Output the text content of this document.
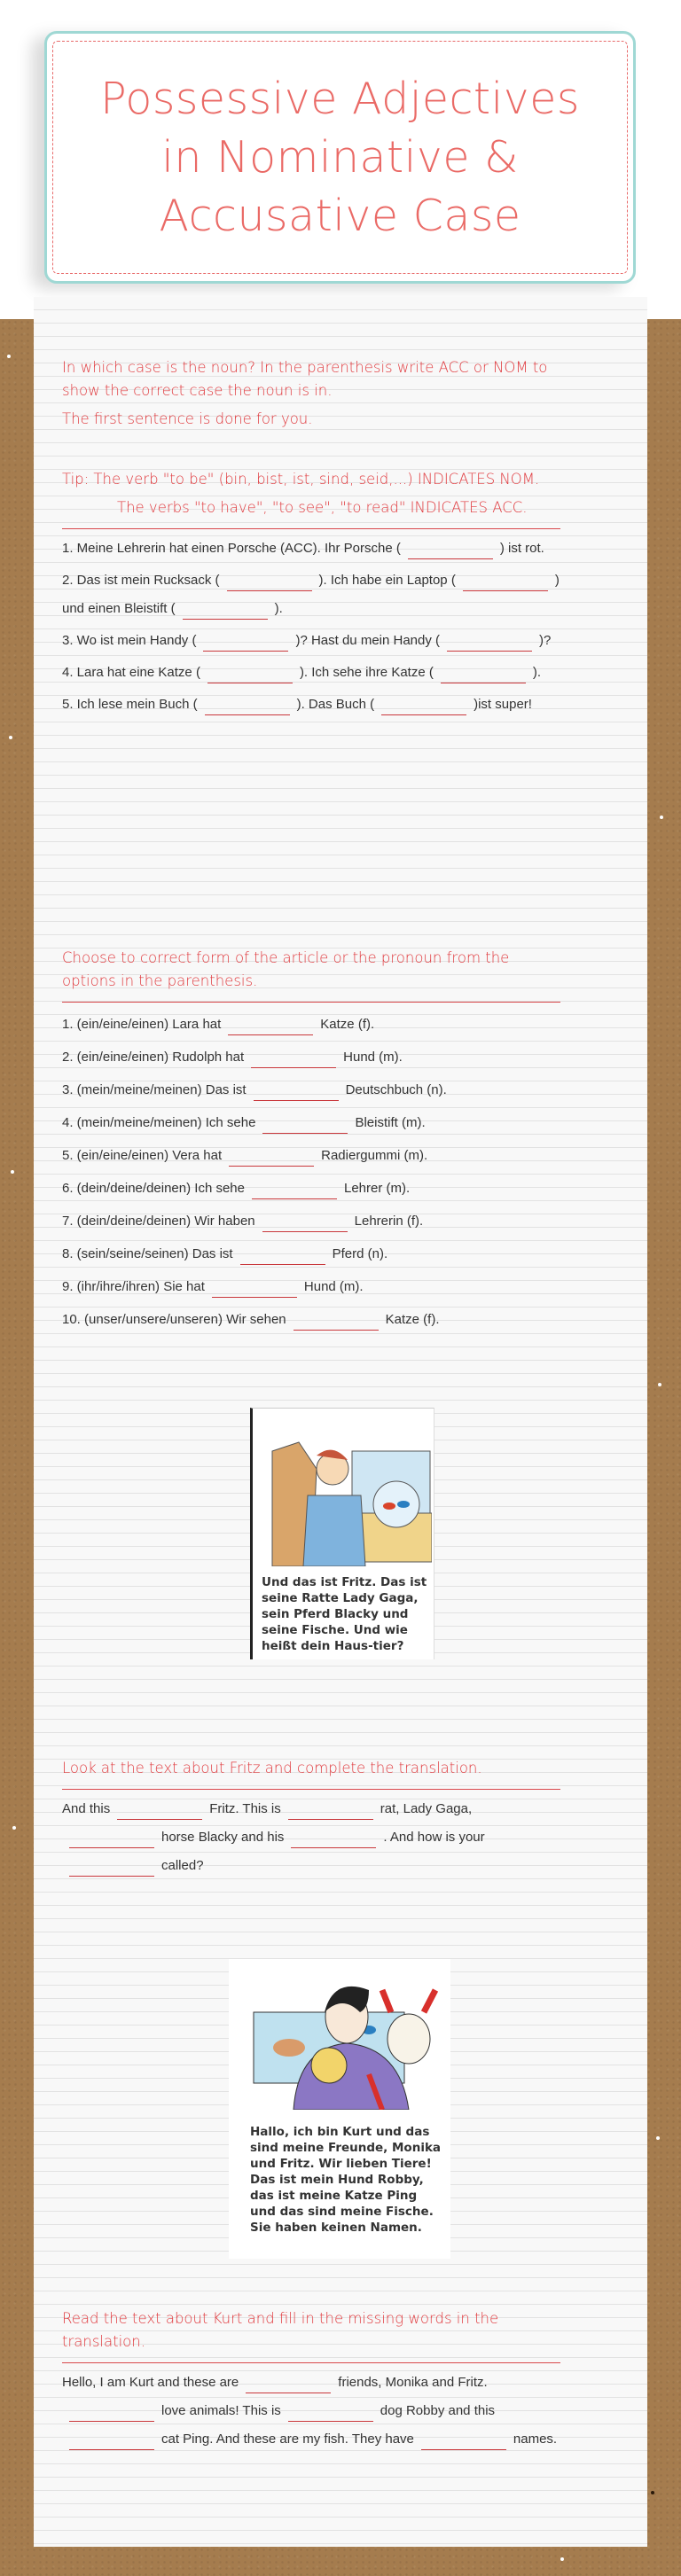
Possessive Adjectives in Nominative & Accusative Case
In which case is the noun? In the parenthesis write ACC or NOM to show the correct case the noun is in.
The first sentence is done for you.
Tip: The verb "to be" (bin, bist, ist, sind, seid,...) INDICATES NOM.
The verbs "to have", "to see", "to read" INDICATES ACC.
1. Meine Lehrerin hat einen Porsche (ACC). Ihr Porsche (	) ist rot.
2. Das ist mein Rucksack (	). Ich habe ein Laptop (	) und einen Bleistift (	).
3. Wo ist mein Handy (	)? Hast du mein Handy (	)?
4. Lara hat eine Katze (	). Ich sehe ihre Katze (	).
5. Ich lese mein Buch (	). Das Buch (	)ist super!
Choose to correct form of the article or the pronoun from the options in the parenthesis.
1. (ein/eine/einen) Lara hat	Katze (f).
2. (ein/eine/einen) Rudolph hat	Hund (m).
3. (mein/meine/meinen) Das ist	Deutschbuch (n).
4. (mein/meine/meinen) Ich sehe	Bleistift (m).
5. (ein/eine/einen) Vera hat	Radiergummi (m).
6. (dein/deine/deinen) Ich sehe	Lehrer (m).
7. (dein/deine/deinen) Wir haben	Lehrerin (f).
8. (sein/seine/seinen) Das ist	Pferd (n).
9. (ihr/ihre/ihren) Sie hat	Hund (m).
10. (unser/unsere/unseren) Wir sehen	Katze (f).
Und das ist Fritz. Das ist seine Ratte Lady Gaga, sein Pferd Blacky und seine Fische. Und wie heißt dein Haus-tier?
Look at the text about Fritz and complete the translation.
And this	Fritz. This is	rat, Lady Gaga,horse Blacky and his	. And how is yourcalled?
Hallo, ich bin Kurt und das sind meine Freunde, Monika und Fritz. Wir lieben Tiere! Das ist mein Hund Robby, das ist meine Katze Ping und das sind meine Fische. Sie haben keinen Namen.
Read the text about Kurt and fill in the missing words in the translation.
Hello, I am Kurt and these are	friends, Monika and Fritz.love animals! This is	dog Robby and thiscat Ping. And these are my fish. They have	names.
